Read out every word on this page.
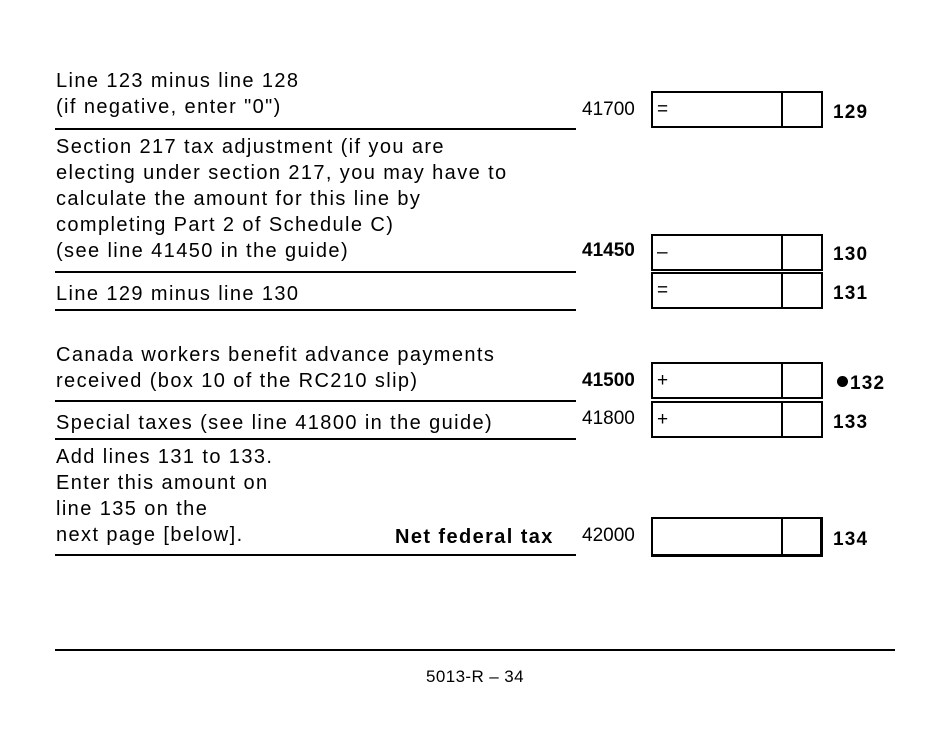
Line 123 minus line 128
(if negative, enter "0")	41700	=	129

Section 217 tax adjustment (if you are
electing under section 217, you may have to
calculate the amount for this line by
completing Part 2 of Schedule C)
(see line 41450 in the guide)	41450	–	130

Line 129 minus line 130	=	131

Canada workers benefit advance payments
received (box 10 of the RC210 slip)	41500	+	132

Special taxes (see line 41800 in the guide)	41800	+	133

Add lines 131 to 133.
Enter this amount on
line 135 on the
next page [below].	Net federal tax 42000	134
5013-R – 34
